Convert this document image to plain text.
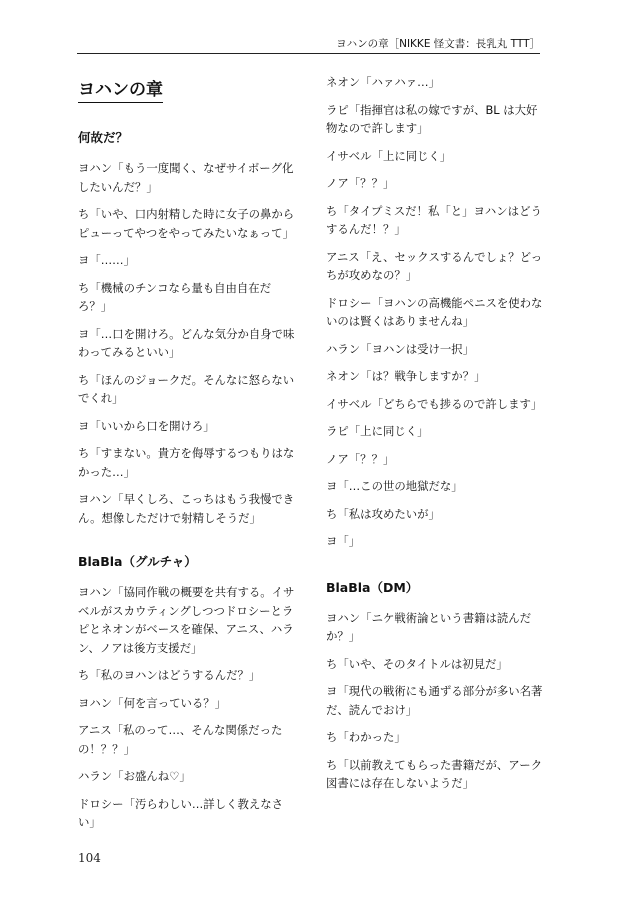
ヨハンの章［NIKKE 怪文書：長乳丸 TTT］
ヨハンの章
何故だ？

ヨハン「もう一度聞く、なぜサイボーグ化したいんだ？」

ち「いや、口内射精した時に女子の鼻からピューってやつをやってみたいなぁって」

ヨ「……」

ち「機械のチンコなら量も自由自在だろ？」

ヨ「…口を開けろ。どんな気分か自身で味わってみるといい」

ち「ほんのジョークだ。そんなに怒らないでくれ」

ヨ「いいから口を開けろ」

ち「すまない。貴方を侮辱するつもりはなかった…」

ヨハン「早くしろ、こっちはもう我慢できん。想像しただけで射精しそうだ」

BlaBla（グルチャ）

ヨハン「協同作戦の概要を共有する。イサベルがスカウティングしつつドロシーとラピとネオンがベースを確保、アニス、ハラン、ノアは後方支援だ」

ち「私のヨハンはどうするんだ？」

ヨハン「何を言っている？」

アニス「私のって…、そんな関係だったの！？？」

ハラン「お盛んね♡」

ドロシー「汚らわしい…詳しく教えなさい」

ネオン「ハァハァ…」

ラピ「指揮官は私の嫁ですが、BL は大好物なので許します」

イサベル「上に同じく」

ノア「？？」

ち「タイプミスだ！私「と」ヨハンはどうするんだ！？」

アニス「え、セックスするんでしょ？どっちが攻めなの？」

ドロシー「ヨハンの高機能ペニスを使わないのは賢くはありませんね」

ハラン「ヨハンは受け一択」

ネオン「は？戦争しますか？」

イサベル「どちらでも捗るので許します」

ラピ「上に同じく」

ノア「？？」

ヨ「…この世の地獄だな」

ち「私は攻めたいが」

ヨ「」

BlaBla（DM）

ヨハン「ニケ戦術論という書籍は読んだか？」

ち「いや、そのタイトルは初見だ」

ヨ「現代の戦術にも通ずる部分が多い名著だ、読んでおけ」

ち「わかった」

ち「以前教えてもらった書籍だが、アーク図書には存在しないようだ」

104
